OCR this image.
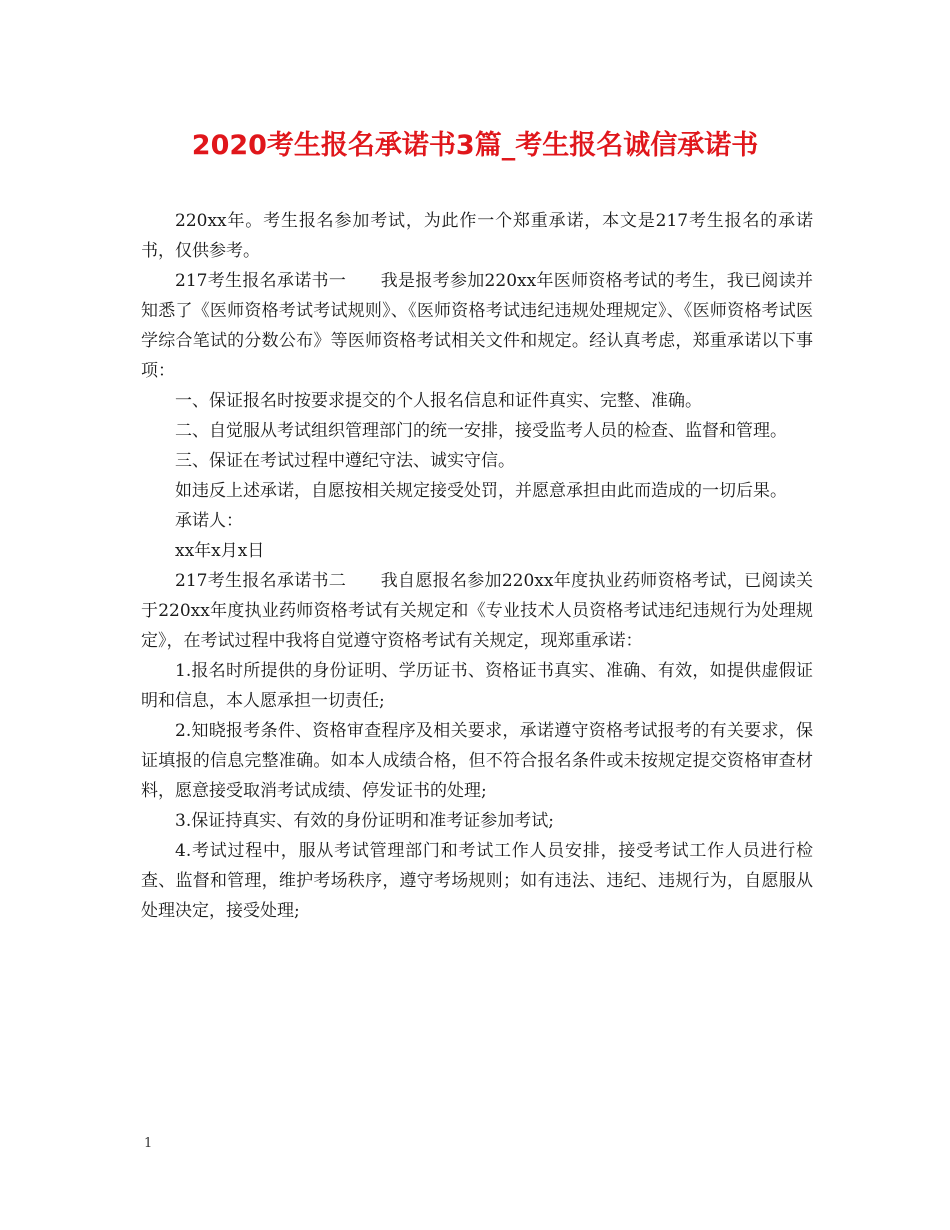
2020考生报名承诺书3篇_考生报名诚信承诺书

220xx年。考生报名参加考试，为此作一个郑重承诺，本文是217考生报名的承诺书，仅供参考。

217考生报名承诺书一　　我是报考参加220xx年医师资格考试的考生，我已阅读并知悉了《医师资格考试考试规则》、《医师资格考试违纪违规处理规定》、《医师资格考试医学综合笔试的分数公布》等医师资格考试相关文件和规定。经认真考虑，郑重承诺以下事项：

一、保证报名时按要求提交的个人报名信息和证件真实、完整、准确。

二、自觉服从考试组织管理部门的统一安排，接受监考人员的检查、监督和管理。

三、保证在考试过程中遵纪守法、诚实守信。

如违反上述承诺，自愿按相关规定接受处罚，并愿意承担由此而造成的一切后果。

承诺人：

xx年x月x日

217考生报名承诺书二　　我自愿报名参加220xx年度执业药师资格考试，已阅读关于220xx年度执业药师资格考试有关规定和《专业技术人员资格考试违纪违规行为处理规定》，在考试过程中我将自觉遵守资格考试有关规定，现郑重承诺：

1.报名时所提供的身份证明、学历证书、资格证书真实、准确、有效，如提供虚假证明和信息，本人愿承担一切责任;

2.知晓报考条件、资格审查程序及相关要求，承诺遵守资格考试报考的有关要求，保证填报的信息完整准确。如本人成绩合格，但不符合报名条件或未按规定提交资格审查材料，愿意接受取消考试成绩、停发证书的处理;

3.保证持真实、有效的身份证明和准考证参加考试;

4.考试过程中，服从考试管理部门和考试工作人员安排，接受考试工作人员进行检查、监督和管理，维护考场秩序，遵守考场规则；如有违法、违纪、违规行为，自愿服从处理决定，接受处理;

1
